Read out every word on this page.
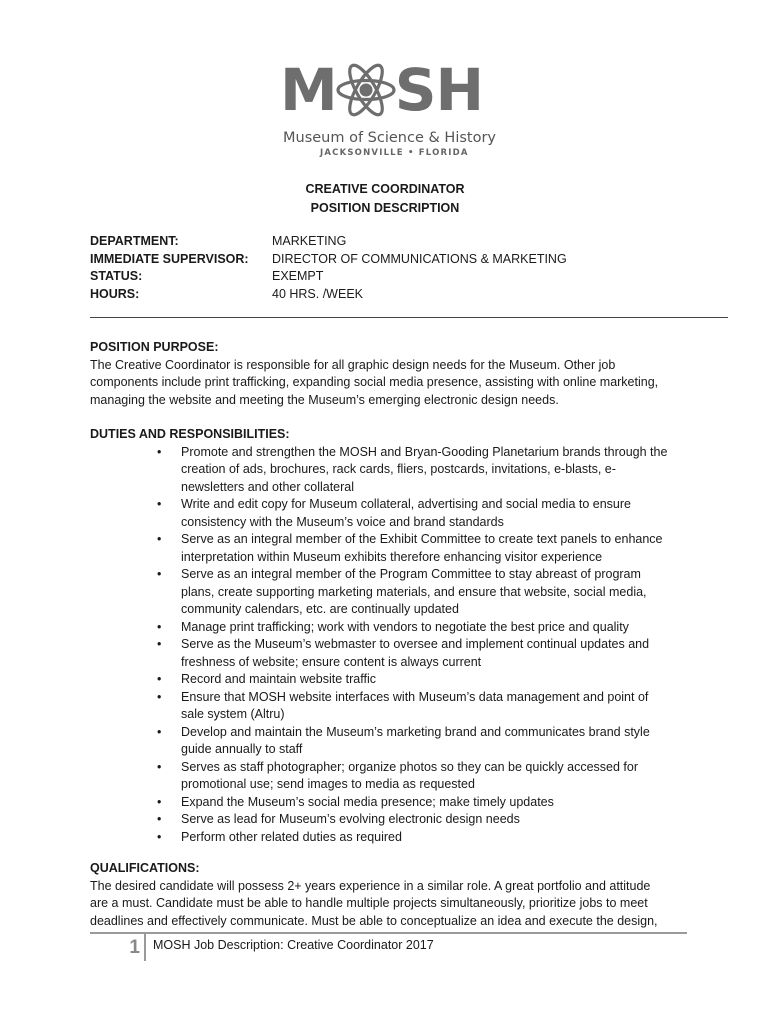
M SH
Museum of Science & History
JACKSONVILLE • FLORIDA
CREATIVE COORDINATOR
POSITION DESCRIPTION
DEPARTMENT:	MARKETING
IMMEDIATE SUPERVISOR:	DIRECTOR OF COMMUNICATIONS & MARKETING
STATUS:	EXEMPT
HOURS:	40 HRS. /WEEK
POSITION PURPOSE:
The Creative Coordinator is responsible for all graphic design needs for the Museum. Other job
components include print trafficking, expanding social media presence, assisting with online marketing,
managing the website and meeting the Museum’s emerging electronic design needs.
DUTIES AND RESPONSIBILITIES:
• Promote and strengthen the MOSH and Bryan-Gooding Planetarium brands through the
creation of ads, brochures, rack cards, fliers, postcards, invitations, e-blasts, e-
newsletters and other collateral
• Write and edit copy for Museum collateral, advertising and social media to ensure
consistency with the Museum’s voice and brand standards
• Serve as an integral member of the Exhibit Committee to create text panels to enhance
interpretation within Museum exhibits therefore enhancing visitor experience
• Serve as an integral member of the Program Committee to stay abreast of program
plans, create supporting marketing materials, and ensure that website, social media,
community calendars, etc. are continually updated
• Manage print trafficking; work with vendors to negotiate the best price and quality
• Serve as the Museum’s webmaster to oversee and implement continual updates and
freshness of website; ensure content is always current
• Record and maintain website traffic
• Ensure that MOSH website interfaces with Museum’s data management and point of
sale system (Altru)
• Develop and maintain the Museum’s marketing brand and communicates brand style
guide annually to staff
• Serves as staff photographer; organize photos so they can be quickly accessed for
promotional use; send images to media as requested
• Expand the Museum’s social media presence; make timely updates
• Serve as lead for Museum’s evolving electronic design needs
• Perform other related duties as required
QUALIFICATIONS:
The desired candidate will possess 2+ years experience in a similar role. A great portfolio and attitude
are a must. Candidate must be able to handle multiple projects simultaneously, prioritize jobs to meet
deadlines and effectively communicate. Must be able to conceptualize an idea and execute the design,
1 MOSH Job Description: Creative Coordinator 2017
